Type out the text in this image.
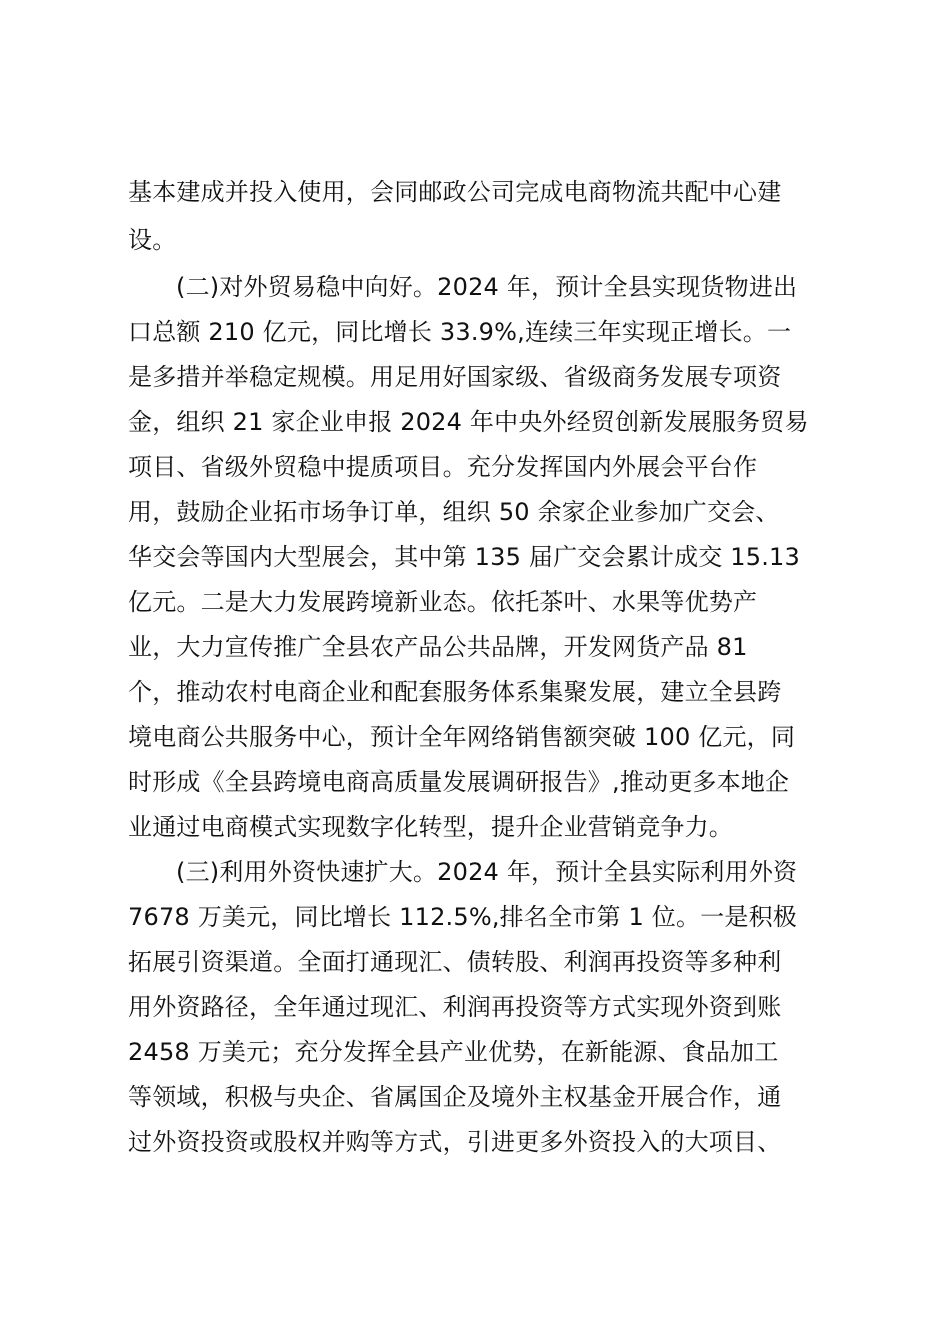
基本建成并投入使用，会同邮政公司完成电商物流共配中心建

设。

(二)对外贸易稳中向好。2024 年，预计全县实现货物进出

口总额 210 亿元，同比增长 33.9%,连续三年实现正增长。一

是多措并举稳定规模。用足用好国家级、省级商务发展专项资

金，组织 21 家企业申报 2024 年中央外经贸创新发展服务贸易

项目、省级外贸稳中提质项目。充分发挥国内外展会平台作

用，鼓励企业拓市场争订单，组织 50 余家企业参加广交会、

华交会等国内大型展会，其中第 135 届广交会累计成交 15.13

亿元。二是大力发展跨境新业态。依托茶叶、水果等优势产

业，大力宣传推广全县农产品公共品牌，开发网货产品 81

个，推动农村电商企业和配套服务体系集聚发展，建立全县跨

境电商公共服务中心，预计全年网络销售额突破 100 亿元，同

时形成《全县跨境电商高质量发展调研报告》,推动更多本地企

业通过电商模式实现数字化转型，提升企业营销竞争力。

(三)利用外资快速扩大。2024 年，预计全县实际利用外资

7678 万美元，同比增长 112.5%,排名全市第 1 位。一是积极

拓展引资渠道。全面打通现汇、债转股、利润再投资等多种利

用外资路径，全年通过现汇、利润再投资等方式实现外资到账

2458 万美元；充分发挥全县产业优势，在新能源、食品加工

等领域，积极与央企、省属国企及境外主权基金开展合作，通

过外资投资或股权并购等方式，引进更多外资投入的大项目、
